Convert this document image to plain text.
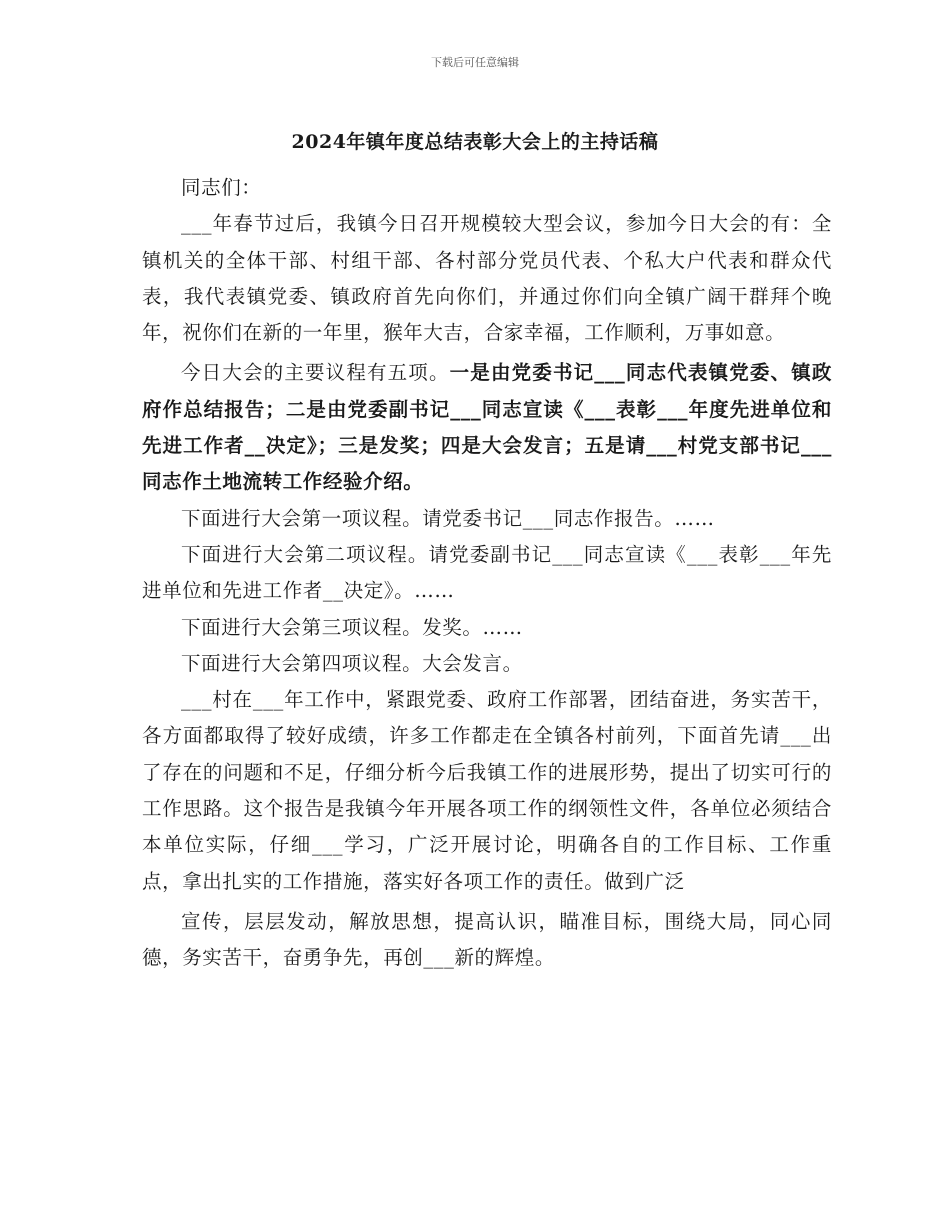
下载后可任意编辑
2024年镇年度总结表彰大会上的主持话稿

同志们：

___年春节过后，我镇今日召开规模较大型会议，参加今日大会的有：全镇机关的全体干部、村组干部、各村部分党员代表、个私大户代表和群众代表，我代表镇党委、镇政府首先向你们，并通过你们向全镇广阔干群拜个晚年，祝你们在新的一年里，猴年大吉，合家幸福，工作顺利，万事如意。

今日大会的主要议程有五项。一是由党委书记___同志代表镇党委、镇政府作总结报告；二是由党委副书记___同志宣读《___表彰___年度先进单位和先进工作者__决定》；三是发奖；四是大会发言；五是请___村党支部书记___同志作土地流转工作经验介绍。

下面进行大会第一项议程。请党委书记___同志作报告。……

下面进行大会第二项议程。请党委副书记___同志宣读《___表彰___年先进单位和先进工作者__决定》。……

下面进行大会第三项议程。发奖。……

下面进行大会第四项议程。大会发言。

___村在___年工作中，紧跟党委、政府工作部署，团结奋进，务实苦干，各方面都取得了较好成绩，许多工作都走在全镇各村前列，下面首先请___出了存在的问题和不足，仔细分析今后我镇工作的进展形势，提出了切实可行的工作思路。这个报告是我镇今年开展各项工作的纲领性文件，各单位必须结合本单位实际，仔细___学习，广泛开展讨论，明确各自的工作目标、工作重点，拿出扎实的工作措施，落实好各项工作的责任。做到广泛

宣传，层层发动，解放思想，提高认识，瞄准目标，围绕大局，同心同德，务实苦干，奋勇争先，再创___新的辉煌。
